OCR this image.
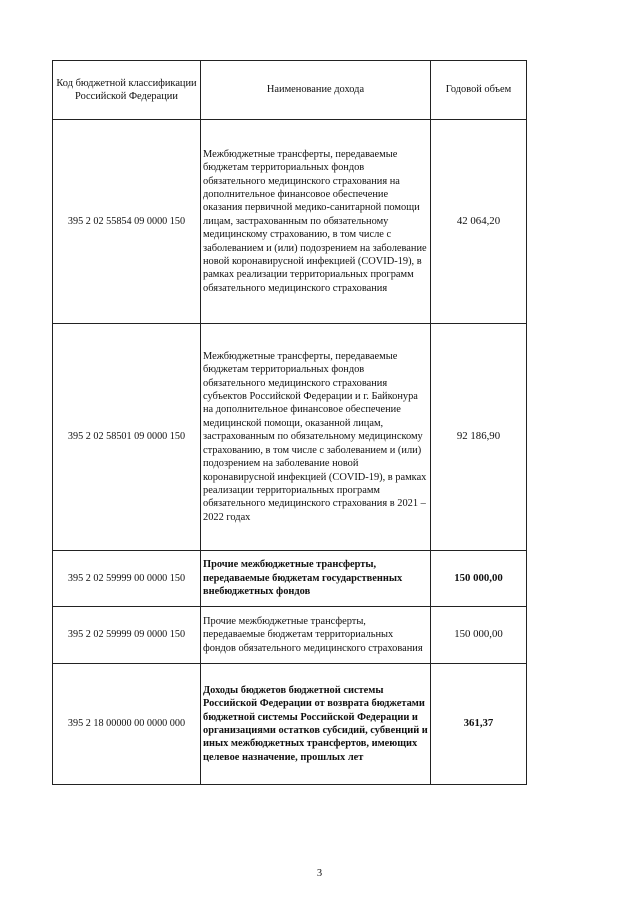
Код бюджетной классификации Российской Федерации	Наименование дохода	Годовой объем
395 2 02 55854 09 0000 150	Межбюджетные трансферты, передаваемые бюджетам территориальных фондов обязательного медицинского страхования на дополнительное финансовое обеспечение оказания первичной медико-санитарной помощи лицам, застрахованным по обязательному медицинскому страхованию, в том числе с заболеванием и (или) подозрением на заболевание новой коронавирусной инфекцией (COVID-19), в рамках реализации территориальных программ обязательного медицинского страхования	42 064,20
395 2 02 58501 09 0000 150	Межбюджетные трансферты, передаваемые бюджетам территориальных фондов обязательного медицинского страхования субъектов Российской Федерации и г. Байконура на дополнительное финансовое обеспечение медицинской помощи, оказанной лицам, застрахованным по обязательному медицинскому страхованию, в том числе с заболеванием и (или) подозрением на заболевание новой коронавирусной инфекцией (COVID-19), в рамках реализации территориальных программ обязательного медицинского страхования в 2021 – 2022 годах	92 186,90
395 2 02 59999 00 0000 150	Прочие межбюджетные трансферты, передаваемые бюджетам государственных внебюджетных фондов	150 000,00
395 2 02 59999 09 0000 150	Прочие межбюджетные трансферты, передаваемые бюджетам территориальных фондов обязательного медицинского страхования	150 000,00
395 2 18 00000 00 0000 000	Доходы бюджетов бюджетной системы Российской Федерации от возврата бюджетами бюджетной системы Российской Федерации и организациями остатков субсидий, субвенций и иных межбюджетных трансфертов, имеющих целевое назначение, прошлых лет	361,37
3
